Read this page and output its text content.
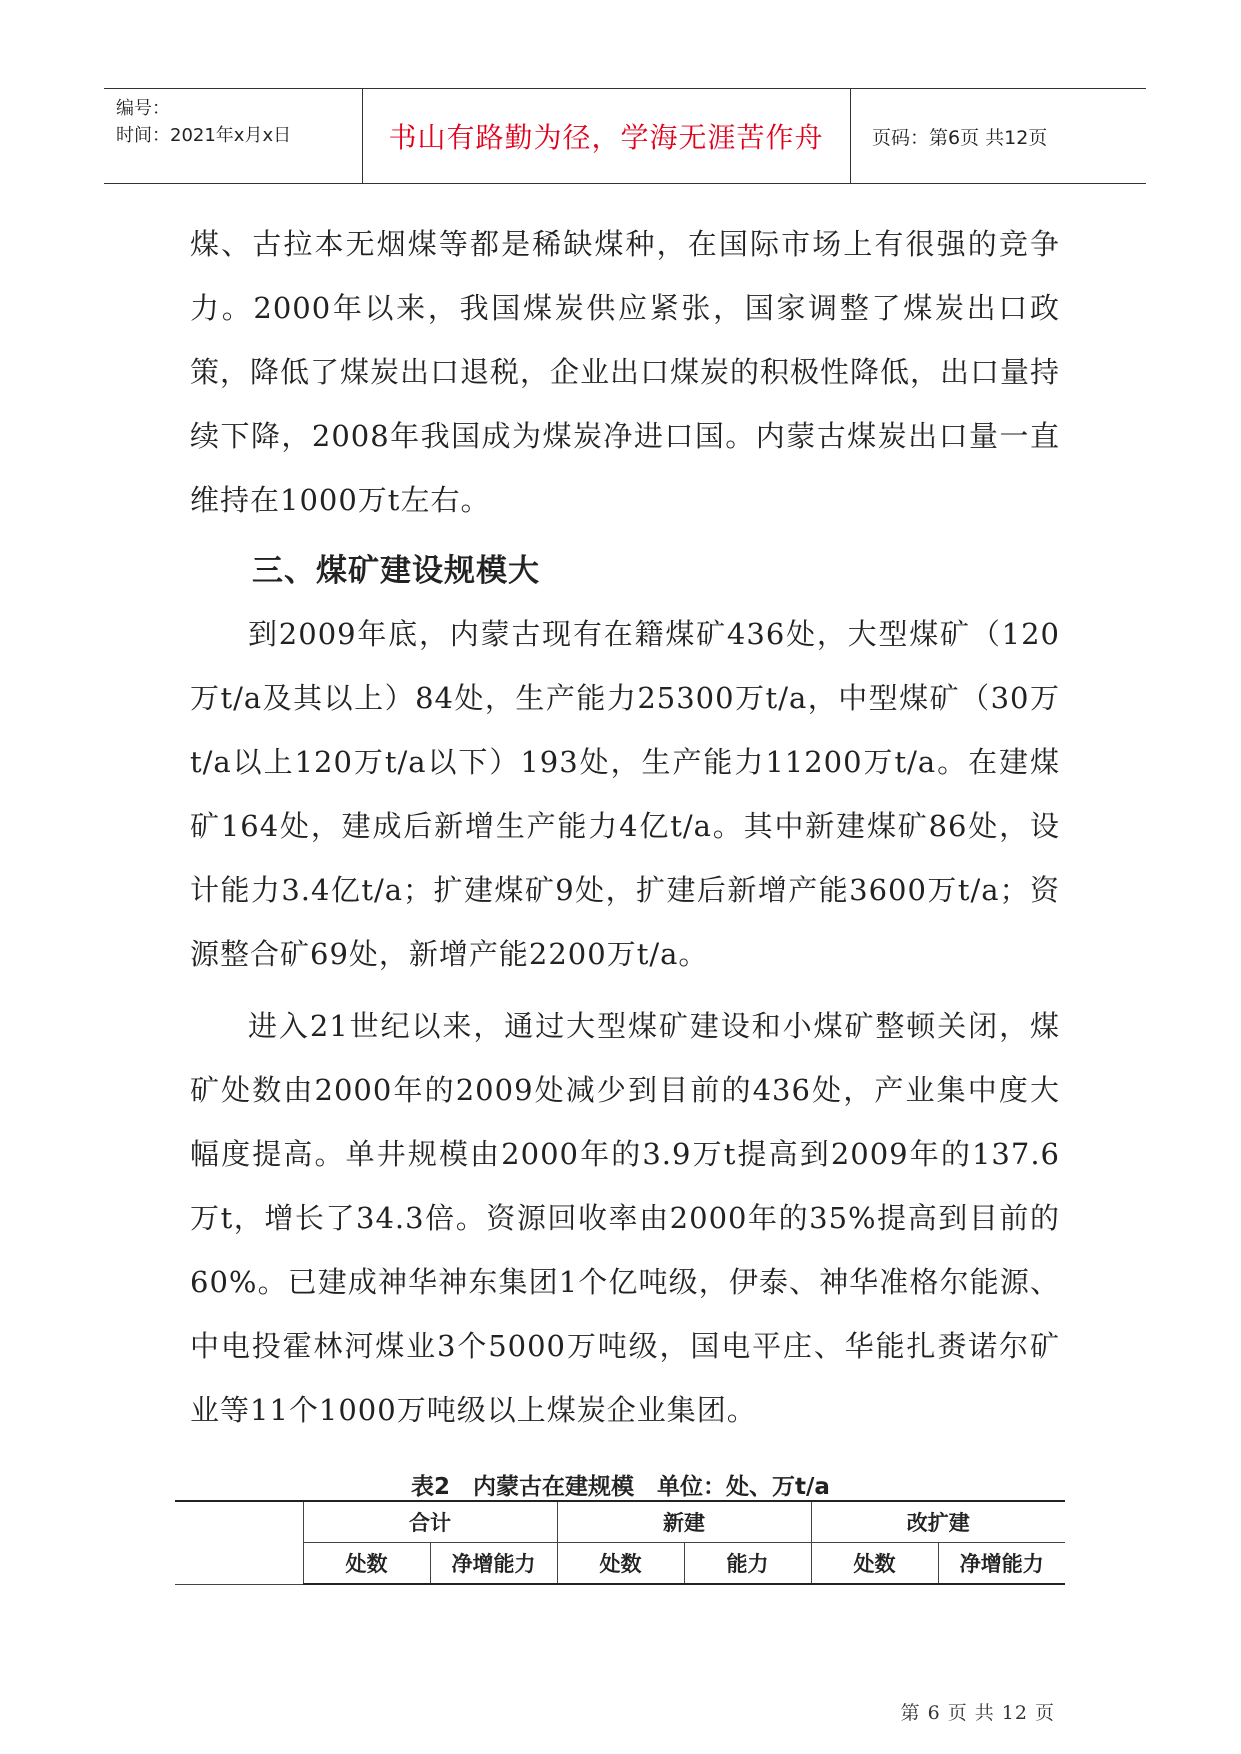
编号：
时间：2021年x月x日	书山有路勤为径，学海无涯苦作舟	页码：第6页 共12页

煤、古拉本无烟煤等都是稀缺煤种，在国际市场上有很强的竞争力。2000年以来，我国煤炭供应紧张，国家调整了煤炭出口政策，降低了煤炭出口退税，企业出口煤炭的积极性降低，出口量持续下降，2008年我国成为煤炭净进口国。内蒙古煤炭出口量一直维持在1000万t左右。

三、煤矿建设规模大

到2009年底，内蒙古现有在籍煤矿436处，大型煤矿（120万t/a及其以上）84处，生产能力25300万t/a，中型煤矿（30万t/a以上120万t/a以下）193处，生产能力11200万t/a。在建煤矿164处，建成后新增生产能力4亿t/a。其中新建煤矿86处，设计能力3.4亿t/a；扩建煤矿9处，扩建后新增产能3600万t/a；资源整合矿69处，新增产能2200万t/a。

进入21世纪以来，通过大型煤矿建设和小煤矿整顿关闭，煤矿处数由2000年的2009处减少到目前的436处，产业集中度大幅度提高。单井规模由2000年的3.9万t提高到2009年的137.6万t，增长了34.3倍。资源回收率由2000年的35%提高到目前的60%。已建成神华神东集团1个亿吨级，伊泰、神华准格尔能源、中电投霍林河煤业3个5000万吨级，国电平庄、华能扎赉诺尔矿业等11个1000万吨级以上煤炭企业集团。

表2　内蒙古在建规模　单位：处、万t/a
	合计		新建		改扩建	
	处数	净增能力	处数	能力	处数	净增能力
第 6 页 共 12 页
